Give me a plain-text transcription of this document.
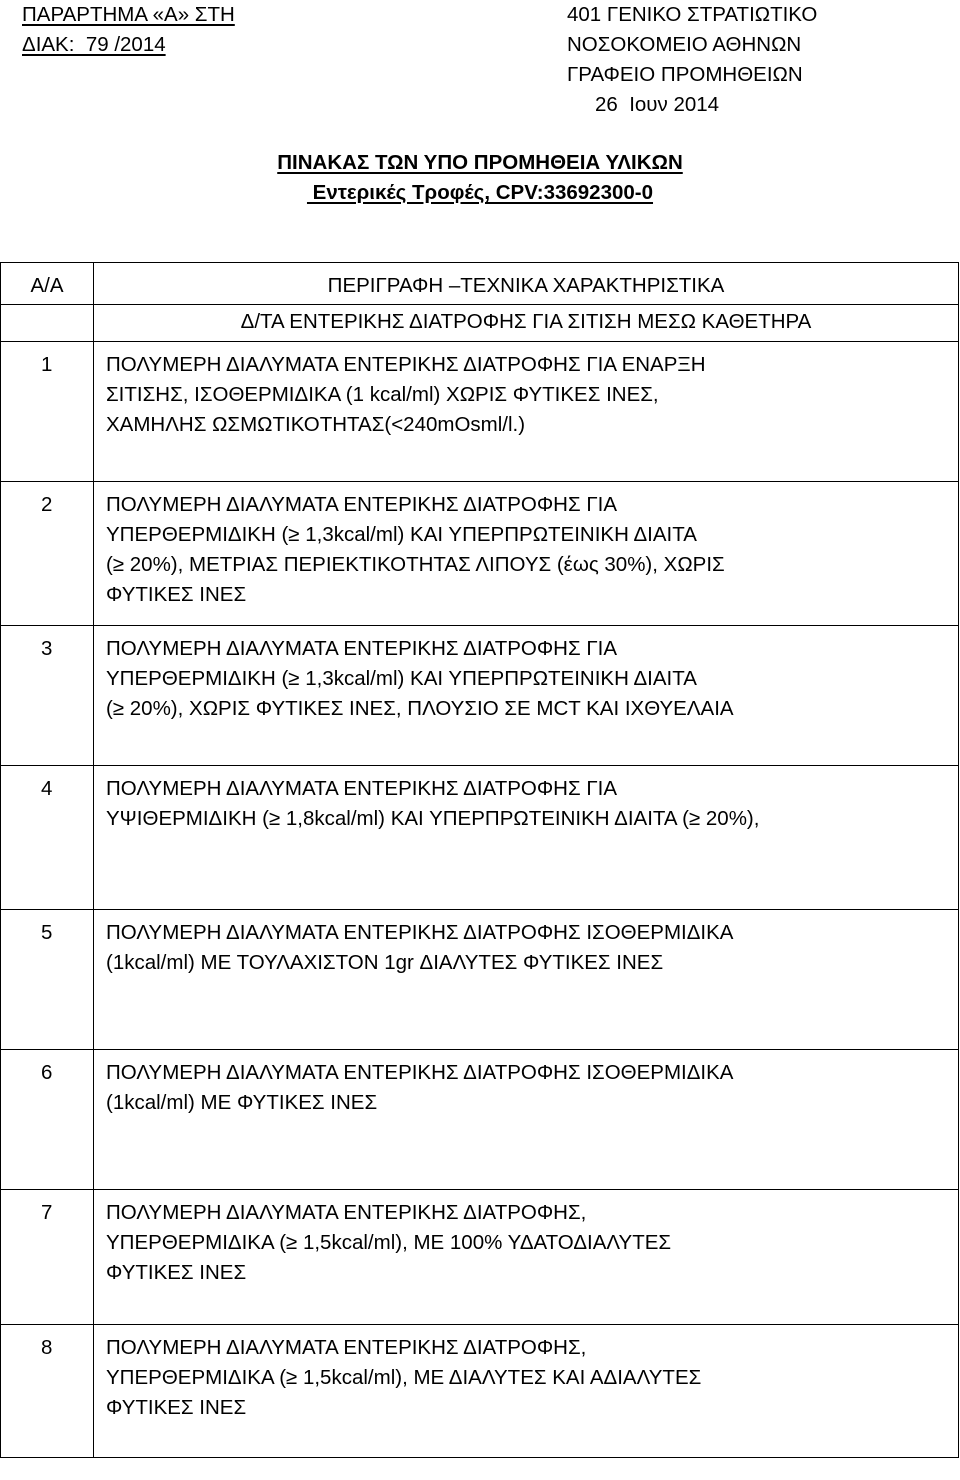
ΠΑΡΑΡΤΗΜΑ «Α» ΣΤΗ
ΔΙΑΚ:  79 /2014
401 ΓΕΝΙΚΟ ΣΤΡΑΤΙΩΤΙΚΟ
ΝΟΣΟΚΟΜΕΙΟ ΑΘΗΝΩΝ
ΓΡΑΦΕΙΟ ΠΡΟΜΗΘΕΙΩΝ
26  Ιουν 2014
ΠΙΝΑΚΑΣ ΤΩΝ ΥΠΟ ΠΡΟΜΗΘΕΙΑ ΥΛΙΚΩΝ
Εντερικές Τροφές, CPV:33692300-0
Α/Α	ΠΕΡΙΓΡΑΦΗ –ΤΕΧΝΙΚΑ ΧΑΡΑΚΤΗΡΙΣΤΙΚΑ

	Δ/ΤΑ ΕΝΤΕΡΙΚΗΣ ΔΙΑΤΡΟΦΗΣ ΓΙΑ ΣΙΤΙΣΗ ΜΕΣΩ ΚΑΘΕΤΗΡΑ

1	ΠΟΛΥΜΕΡΗ ΔΙΑΛΥΜΑΤΑ ΕΝΤΕΡΙΚΗΣ ΔΙΑΤΡΟΦΗΣ ΓΙΑ ΕΝΑΡΞΗ
ΣΙΤΙΣΗΣ, ΙΣΟΘΕΡΜΙΔΙΚΑ (1 kcal/ml) ΧΩΡΙΣ ΦΥΤΙΚΕΣ ΙΝΕΣ,
ΧΑΜΗΛΗΣ ΩΣΜΩΤΙΚΟΤΗΤΑΣ(<240mOsml/l.)

2	ΠΟΛΥΜΕΡΗ ΔΙΑΛΥΜΑΤΑ ΕΝΤΕΡΙΚΗΣ ΔΙΑΤΡΟΦΗΣ ΓΙΑ
ΥΠΕΡΘΕΡΜΙΔΙΚΗ (≥ 1,3kcal/ml) ΚΑΙ ΥΠΕΡΠΡΩΤΕΙΝΙΚΗ ΔΙΑΙΤΑ
(≥ 20%), ΜΕΤΡΙΑΣ ΠΕΡΙΕΚΤΙΚΟΤΗΤΑΣ ΛΙΠΟΥΣ (έως 30%), ΧΩΡΙΣ
ΦΥΤΙΚΕΣ ΙΝΕΣ

3	ΠΟΛΥΜΕΡΗ ΔΙΑΛΥΜΑΤΑ ΕΝΤΕΡΙΚΗΣ ΔΙΑΤΡΟΦΗΣ ΓΙΑ
ΥΠΕΡΘΕΡΜΙΔΙΚΗ (≥ 1,3kcal/ml) ΚΑΙ ΥΠΕΡΠΡΩΤΕΙΝΙΚΗ ΔΙΑΙΤΑ
(≥ 20%), ΧΩΡΙΣ ΦΥΤΙΚΕΣ ΙΝΕΣ, ΠΛΟΥΣΙΟ ΣΕ MCT ΚΑΙ ΙΧΘΥΕΛΑΙΑ

4	ΠΟΛΥΜΕΡΗ ΔΙΑΛΥΜΑΤΑ ΕΝΤΕΡΙΚΗΣ ΔΙΑΤΡΟΦΗΣ ΓΙΑ
ΥΨΙΘΕΡΜΙΔΙΚΗ (≥ 1,8kcal/ml) ΚΑΙ ΥΠΕΡΠΡΩΤΕΙΝΙΚΗ ΔΙΑΙΤΑ (≥ 20%),

5	ΠΟΛΥΜΕΡΗ ΔΙΑΛΥΜΑΤΑ ΕΝΤΕΡΙΚΗΣ ΔΙΑΤΡΟΦΗΣ ΙΣΟΘΕΡΜΙΔΙΚΑ
(1kcal/ml) ΜΕ ΤΟΥΛΑΧΙΣΤΟΝ 1gr ΔΙΑΛΥΤΕΣ ΦΥΤΙΚΕΣ ΙΝΕΣ

6	ΠΟΛΥΜΕΡΗ ΔΙΑΛΥΜΑΤΑ ΕΝΤΕΡΙΚΗΣ ΔΙΑΤΡΟΦΗΣ ΙΣΟΘΕΡΜΙΔΙΚΑ
(1kcal/ml) ΜΕ ΦΥΤΙΚΕΣ ΙΝΕΣ

7	ΠΟΛΥΜΕΡΗ ΔΙΑΛΥΜΑΤΑ ΕΝΤΕΡΙΚΗΣ ΔΙΑΤΡΟΦΗΣ,
ΥΠΕΡΘΕΡΜΙΔΙΚΑ (≥ 1,5kcal/ml), ΜΕ 100% ΥΔΑΤΟΔΙΑΛΥΤΕΣ
ΦΥΤΙΚΕΣ ΙΝΕΣ

8	ΠΟΛΥΜΕΡΗ ΔΙΑΛΥΜΑΤΑ ΕΝΤΕΡΙΚΗΣ ΔΙΑΤΡΟΦΗΣ,
ΥΠΕΡΘΕΡΜΙΔΙΚΑ (≥ 1,5kcal/ml), ΜΕ ΔΙΑΛΥΤΕΣ ΚΑΙ ΑΔΙΑΛΥΤΕΣ
ΦΥΤΙΚΕΣ ΙΝΕΣ
